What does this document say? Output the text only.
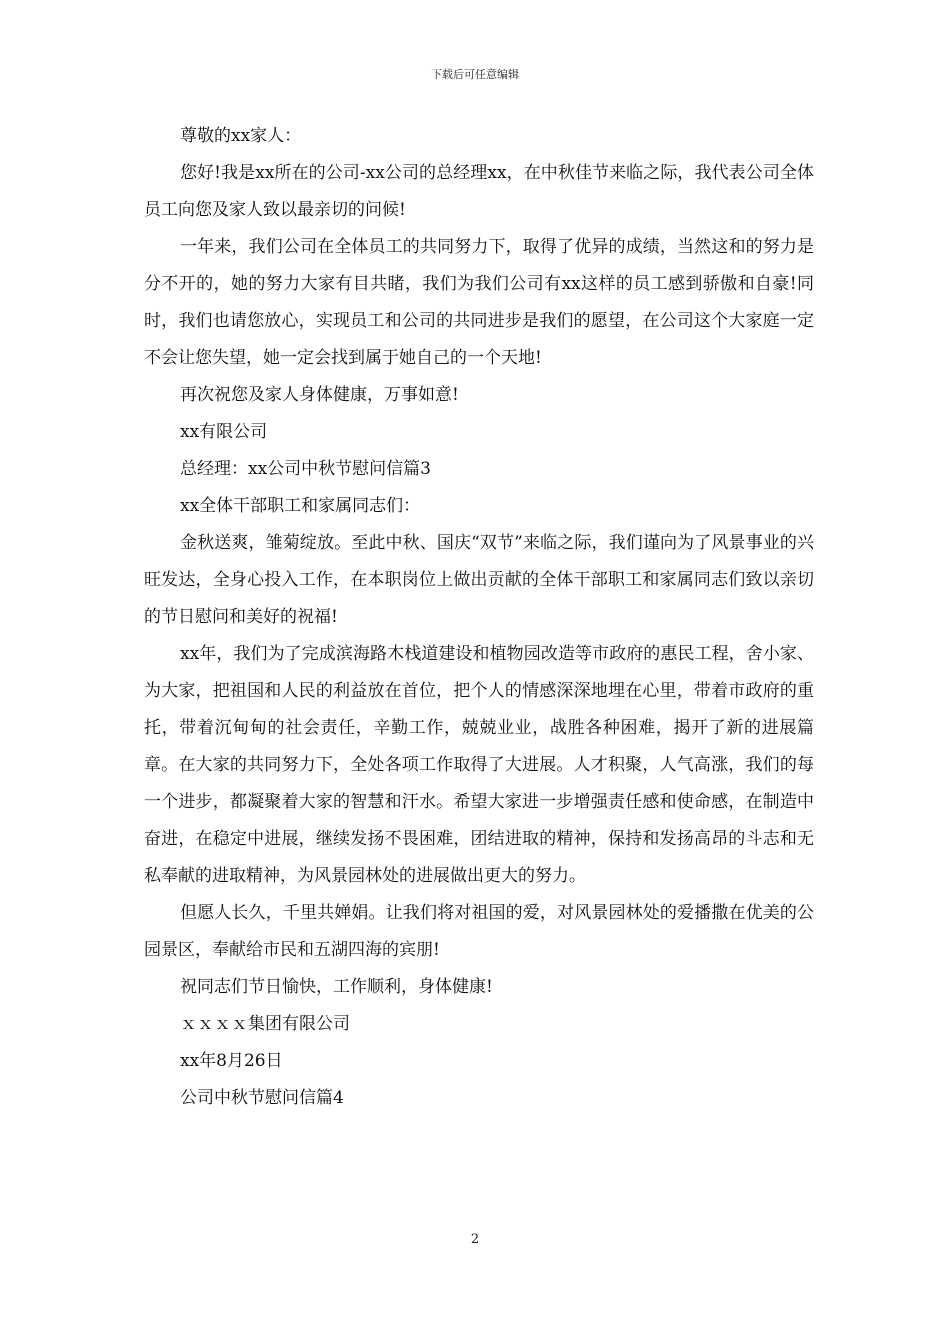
下载后可任意编辑

尊敬的xx家人：

您好!我是xx所在的公司-xx公司的总经理xx，在中秋佳节来临之际，我代表公司全体员工向您及家人致以最亲切的问候!

一年来，我们公司在全体员工的共同努力下，取得了优异的成绩，当然这和的努力是分不开的，她的努力大家有目共睹，我们为我们公司有xx这样的员工感到骄傲和自豪!同时，我们也请您放心，实现员工和公司的共同进步是我们的愿望，在公司这个大家庭一定不会让您失望，她一定会找到属于她自己的一个天地!

再次祝您及家人身体健康，万事如意!

xx有限公司

总经理：xx公司中秋节慰问信篇3

xx全体干部职工和家属同志们：

金秋送爽，雏菊绽放。至此中秋、国庆“双节”来临之际，我们谨向为了风景事业的兴旺发达，全身心投入工作，在本职岗位上做出贡献的全体干部职工和家属同志们致以亲切的节日慰问和美好的祝福!

xx年，我们为了完成滨海路木栈道建设和植物园改造等市政府的惠民工程，舍小家、为大家，把祖国和人民的利益放在首位，把个人的情感深深地埋在心里，带着市政府的重托，带着沉甸甸的社会责任，辛勤工作，兢兢业业，战胜各种困难，揭开了新的进展篇章。在大家的共同努力下，全处各项工作取得了大进展。人才积聚，人气高涨，我们的每一个进步，都凝聚着大家的智慧和汗水。希望大家进一步增强责任感和使命感，在制造中奋进，在稳定中进展，继续发扬不畏困难，团结进取的精神，保持和发扬高昂的斗志和无私奉献的进取精神，为风景园林处的进展做出更大的努力。

但愿人长久，千里共婵娟。让我们将对祖国的爱，对风景园林处的爱播撒在优美的公园景区，奉献给市民和五湖四海的宾朋!

祝同志们节日愉快，工作顺利，身体健康!

ｘｘｘｘ集团有限公司

xx年8月26日

公司中秋节慰问信篇4

2
